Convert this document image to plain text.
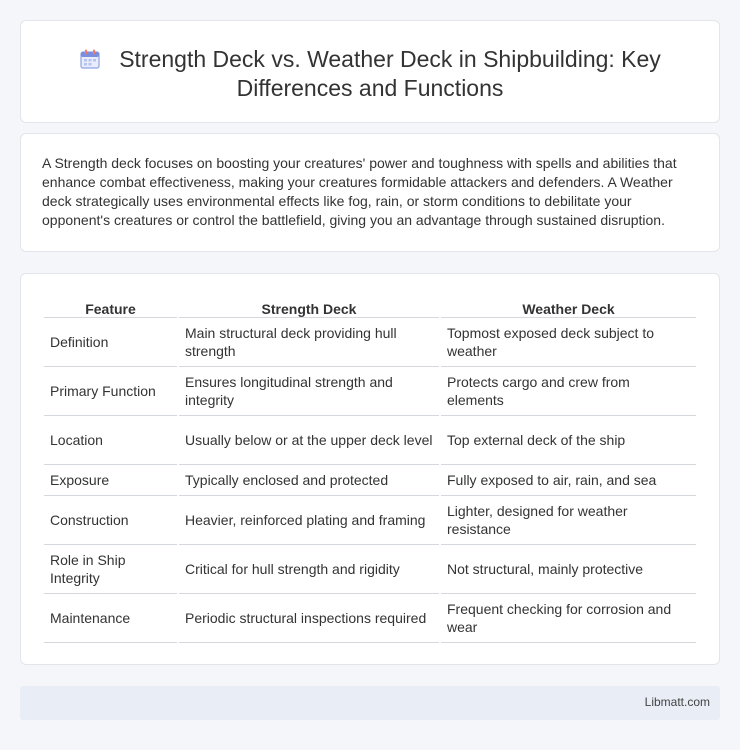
Strength Deck vs. Weather Deck in Shipbuilding: Key Differences and Functions

A Strength deck focuses on boosting your creatures' power and toughness with spells and abilities that enhance combat effectiveness, making your creatures formidable attackers and defenders. A Weather deck strategically uses environmental effects like fog, rain, or storm conditions to debilitate your opponent's creatures or control the battlefield, giving you an advantage through sustained disruption.

Feature	Strength Deck	Weather Deck
Definition	Main structural deck providing hull strength	Topmost exposed deck subject to weather
Primary Function	Ensures longitudinal strength and integrity	Protects cargo and crew from elements
Location	Usually below or at the upper deck level	Top external deck of the ship
Exposure	Typically enclosed and protected	Fully exposed to air, rain, and sea
Construction	Heavier, reinforced plating and framing	Lighter, designed for weather resistance
Role in Ship Integrity	Critical for hull strength and rigidity	Not structural, mainly protective
Maintenance	Periodic structural inspections required	Frequent checking for corrosion and wear
Libmatt.com
